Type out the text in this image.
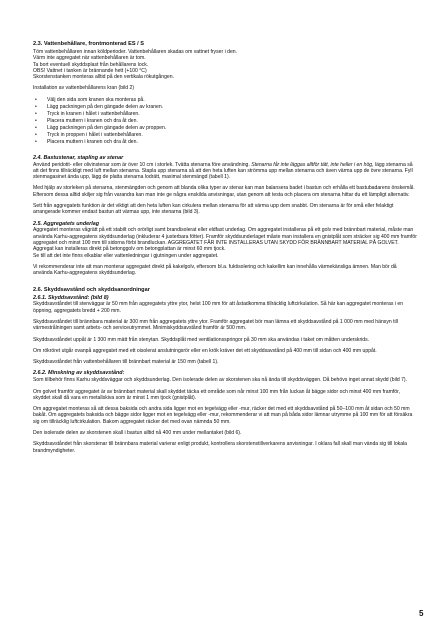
2.3. Vattenbehållare, frontmonterad ES / S

Töm vattenbehållaren innan köldperioder. Vattenbehållaren skadas om vattnet fryser i den.

Värm inte aggregatet när vattenbehållaren är tom.

Ta bort eventuell skyddsplast från behållarens lock.

OBS! Vattnet i tanken är brännande hett (+100 °C)

Skorstenstanken monteras alltid på den vertikala rökutgången.

Installation av vattenbehållarens kran (bild 2)

• Välj den sida som kranen ska monteras på.
• Lägg packningen på den gängade delen av kranen.
• Tryck in kranen i hålet i vattenbehållaren.
• Placera muttern i kranen och dra åt den.
• Lägg packningen på den gängade delen av proppen.
• Tryck in proppen i hålet i vattenbehållaren.
• Placera muttern i kranen och dra åt den.
2.4. Bastustenar, stapling av stenar

Använd peridotit- eller olivinstenar som är över 10 cm i storlek. Tvätta stenarna före användning. Stenarna får inte läggas alltför tätt, inte heller i en hög, lägg stenarna så att det finns tillräckligt med luft mellan stenarna. Stapla upp stenarna så att den heta luften kan strömma upp mellan stenarna och även värma upp de övre stenarna. Fyll stenmagasinet ända upp, lägg de platta stenarna lodrätt, maximal stenmängd (tabell 1).

Med hjälp av storleken på stenarna, stenmängden och genom att blanda olika typer av stenar kan man balansera badet i bastun och erhålla ett bastubadarens önskemål. Eftersom dessa alltid skiljer sig från varandra kan man inte ge några enskilda anvisningar, utan genom att testa och placera om stenarna hittar du ett lämpligt alternativ.

Sett från aggregatets funktion är det viktigt att den heta luften kan cirkulera mellan stenarna för att värma upp dem snabbt. Om stenarna är för små eller felaktigt arrangerade kommer endast bastun att värmas upp, inte stenarna (bild 3).

2.5. Aggregatets underlag

Aggregatet monteras vågrätt på ett stabilt och orörligt samt brandisolerat eller eldfast underlag. Om aggregatet installeras på ett golv med brännbart material, måste man använda Karhu-aggregatens skyddsunderlag (inkluderar 4 justerbara fötter). Framför skyddsunderlaget måste man installera en gnistplåt som sträcker sig 400 mm framför aggregatet och minst 100 mm till sidorna förbi brandluckan. AGGREGATET FÅR INTE INSTALLERAS UTAN SKYDD FÖR BRÄNNBART MATERIAL PÅ GOLVET.

Aggregat kan installeras direkt på betonggolv om betongplattan är minst 60 mm tjock.

Se till att det inte finns elkablar eller vattenledningar i gjutningen under aggregatet.

Vi rekommenderar inte att man monterar aggregatet direkt på kakelgolv, eftersom bl.a. fuktisolering och kakellim kan innehålla värmekänsliga ämnen. Man bör då använda Karhu-aggregatens skyddsunderlag.

2.6. Skyddsavstånd och skyddsanordningar
2.6.1. Skyddsavstånd: (bild 8)

Skyddsavståndet till stenväggar är 50 mm från aggregatets yttre ytor, helst 100 mm för att åstadkomma tillräcklig luftcirkulation. Så här kan aggregatet monteras i en öppning, aggregatets bredd + 200 mm.

Skyddsavståndet till brännbara material är 300 mm från aggregatets yttre ytor. Framför aggregatet bör man lämna ett skyddsavstånd på 1 000 mm med hänsyn till värmestrålningen samt arbets- och serviceutrymmet. Minimiskyddsavstånd framför är 500 mm.

Skyddsavståndet uppåt är 1 300 mm mätt från stenytan. Skyddsplåt med ventilationsspringor på 30 mm ska användas i taket om måtten underskrids.

Om rökröret utgår ovanpå aggregatet med ett oisolerat anslutningsrör eller en krök kräver det ett skyddsavstånd på 400 mm till sidan och 400 mm uppåt.

Skyddsavståndet från vattenbehållaren till brännbart material är 150 mm (tabell 1).

2.6.2. Minskning av skyddsavstånd:

Som tillbehör finns Karhu skyddsväggar och skyddsunderlag. Den isolerade delen av skorstenen ska nå ända till skyddsväggen. Då behövs inget annat skydd (bild 7).

Om golvet framför aggregatet är av brännbart material skall skyddet täcka ett område som når minst 100 mm från luckan åt bägge sidor och minst 400 mm framför, skyddet skall då vara en metallskiva som är minst 1 mm tjock (gnistplåt).

Om aggregatet monteras så att dessa baksida och andra sida ligger mot en tegelvägg eller -mur, räcker det med ett skyddsavstånd på 50–100 mm åt sidan och 50 mm bakåt. Om aggregatets baksida och bägge sidor ligger mot en tegelvägg eller -mur, rekommenderar vi att man på båda sidor lämnar utrymme på 100 mm för att försäkra sig om tillräcklig luftcirkulation. Bakom aggregatet räcker det med ovan nämnda 50 mm.

Den isolerade delen av skorstenen skall i bastun alltid nå 400 mm under mellantaket (bild 6).

Skyddsavståndet från skorstenar till brännbara material varierar enligt produkt, kontrollera skorstenstillverkarens anvisningar. I oklara fall skall man vända sig till lokala brandmyndigheter.

5
